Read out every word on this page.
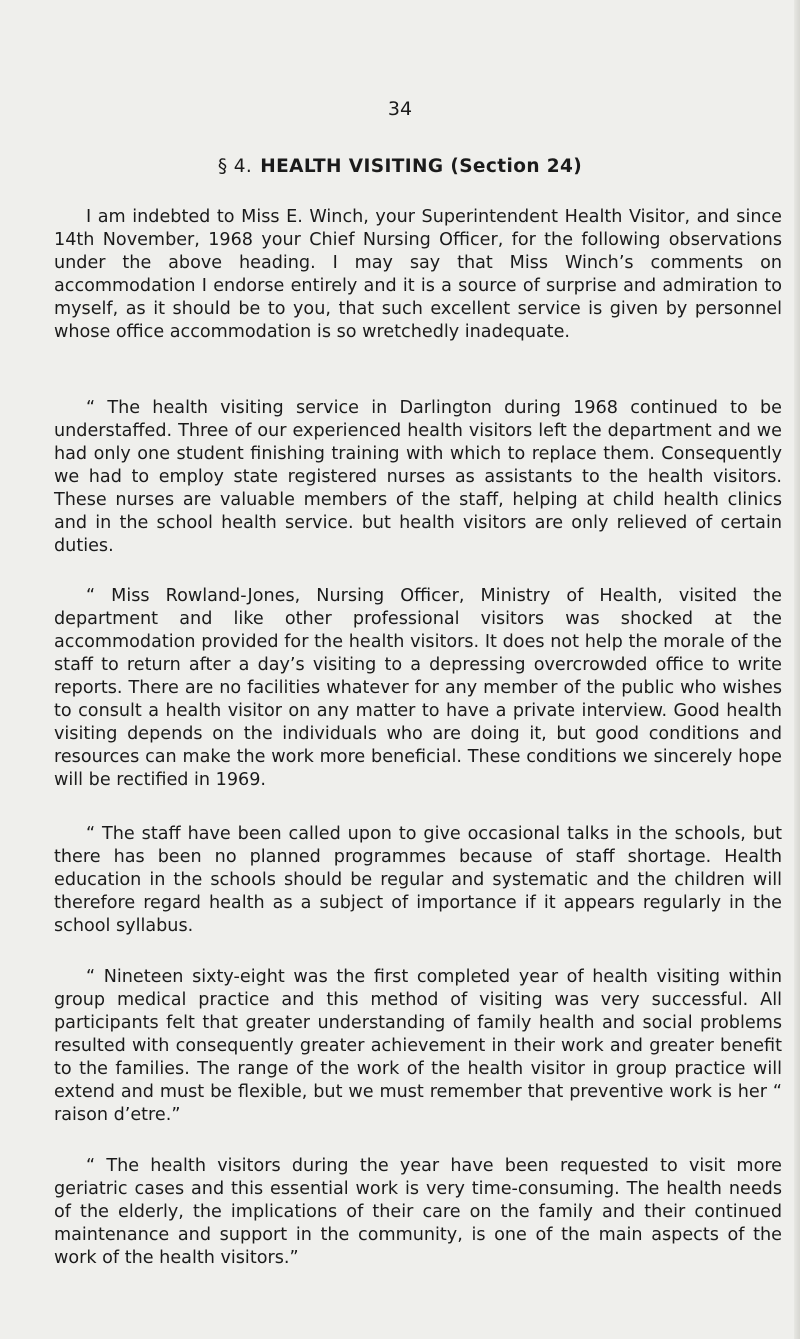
34
§ 4. HEALTH VISITING (Section 24)

I am indebted to Miss E. Winch, your Superintendent Health Visitor, and since 14th November, 1968 your Chief Nursing Officer, for the following observations under the above heading. I may say that Miss Winch’s comments on accommodation I endorse entirely and it is a source of surprise and admiration to myself, as it should be to you, that such excellent service is given by personnel whose office accommodation is so wretchedly inadequate.

“ The health visiting service in Darlington during 1968 continued to be understaffed. Three of our experienced health visitors left the department and we had only one student finishing training with which to replace them. Consequently we had to employ state registered nurses as assistants to the health visitors. These nurses are valuable members of the staff, helping at child health clinics and in the school health service. but health visitors are only relieved of certain duties.

“ Miss Rowland-Jones, Nursing Officer, Ministry of Health, visited the department and like other professional visitors was shocked at the accommodation provided for the health visitors. It does not help the morale of the staff to return after a day’s visiting to a depressing overcrowded office to write reports. There are no facilities whatever for any member of the public who wishes to consult a health visitor on any matter to have a private interview. Good health visiting depends on the individuals who are doing it, but good conditions and resources can make the work more beneficial. These conditions we sincerely hope will be rectified in 1969.

“ The staff have been called upon to give occasional talks in the schools, but there has been no planned programmes because of staff shortage. Health education in the schools should be regular and systematic and the children will therefore regard health as a subject of importance if it appears regularly in the school syllabus.

“ Nineteen sixty-eight was the first completed year of health visiting within group medical practice and this method of visiting was very successful. All participants felt that greater understanding of family health and social problems resulted with consequently greater achievement in their work and greater benefit to the families. The range of the work of the health visitor in group practice will extend and must be flexible, but we must remember that preventive work is her “ raison d’etre.”

“ The health visitors during the year have been requested to visit more geriatric cases and this essential work is very time-consuming. The health needs of the elderly, the implications of their care on the family and their continued maintenance and support in the community, is one of the main aspects of the work of the health visitors.”
